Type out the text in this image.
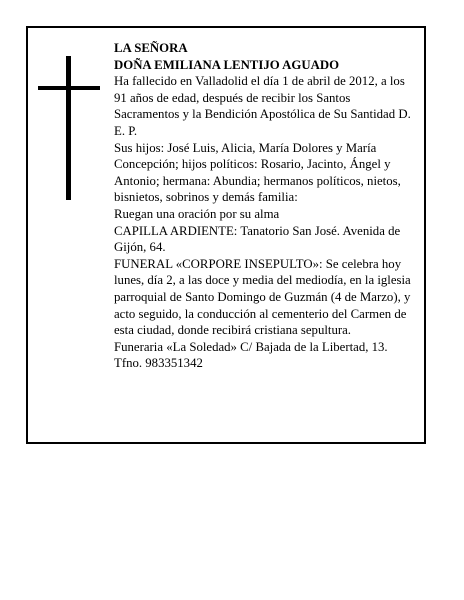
LA SEÑORA

DOÑA EMILIANA LENTIJO AGUADO

Ha fallecido en Valladolid el día 1 de abril de 2012, a los 91 años de edad, después de recibir los Santos Sacramentos y la Bendición Apostólica de Su Santidad D. E. P.

Sus hijos: José Luis, Alicia, María Dolores y María Concepción; hijos políticos: Rosario, Jacinto, Ángel y Antonio; hermana: Abundia; hermanos políticos, nietos, bisnietos, sobrinos y demás familia:

Ruegan una oración por su alma

CAPILLA ARDIENTE: Tanatorio San José. Avenida de Gijón, 64.

FUNERAL «CORPORE INSEPULTO»: Se celebra hoy lunes, día 2, a las doce y media del mediodía, en la iglesia parroquial de Santo Domingo de Guzmán (4 de Marzo), y acto seguido, la conducción al cementerio del Carmen de esta ciudad, donde recibirá cristiana sepultura.

Funeraria «La Soledad» C/ Bajada de la Libertad, 13. Tfno. 983351342
